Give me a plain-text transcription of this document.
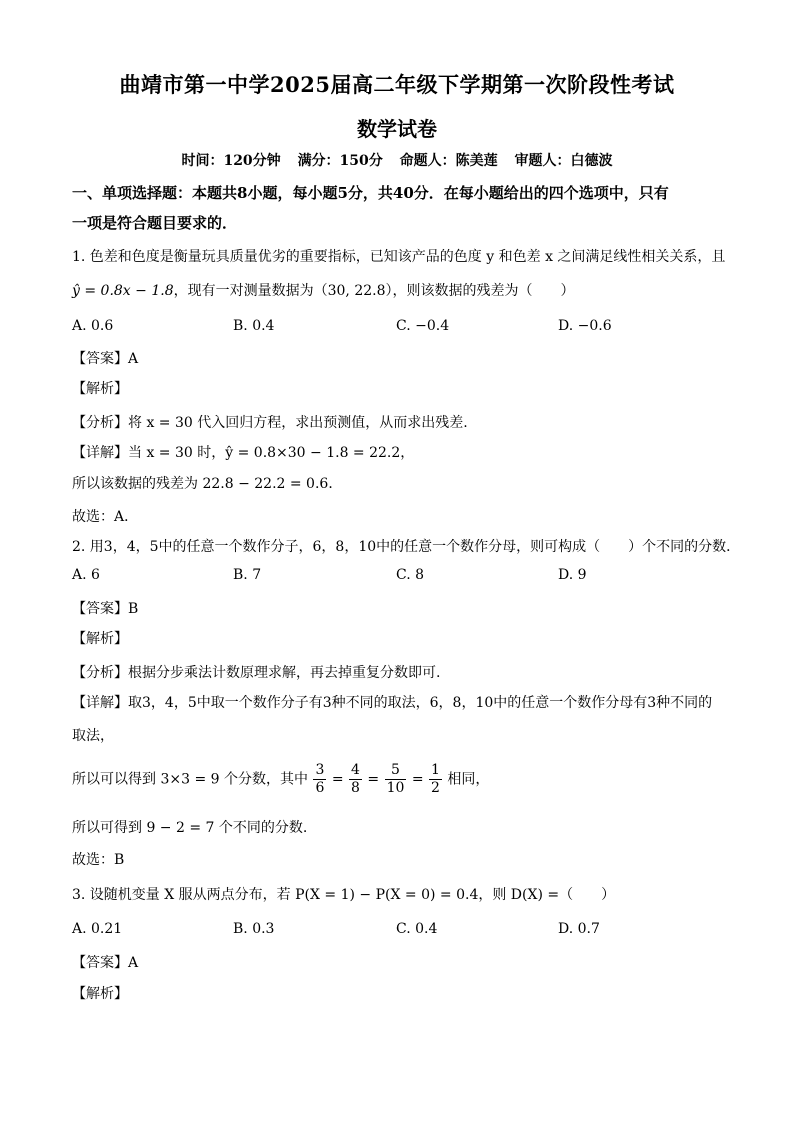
曲靖市第一中学2025届高二年级下学期第一次阶段性考试
数学试卷
时间：120分钟 满分：150分 命题人：陈美莲 审题人：白德波
一、单项选择题：本题共8小题，每小题5分，共40分．在每小题给出的四个选项中，只有
一项是符合题目要求的．
1. 色差和色度是衡量玩具质量优劣的重要指标，已知该产品的色度 y 和色差 x 之间满足线性相关关系，且
ŷ = 0.8x − 1.8，现有一对测量数据为（30, 22.8），则该数据的残差为（　　）
A. 0.6	B. 0.4	C. −0.4	D. −0.6
【答案】A
【解析】
【分析】将 x = 30 代入回归方程，求出预测值，从而求出残差.
【详解】当 x = 30 时，ŷ = 0.8×30 − 1.8 = 22.2，
所以该数据的残差为 22.8 − 22.2 = 0.6．
故选：A．
2. 用3，4，5中的任意一个数作分子，6，8，10中的任意一个数作分母，则可构成（　　）个不同的分数．
A. 6	B. 7	C. 8	D. 9
【答案】B
【解析】
【分析】根据分步乘法计数原理求解，再去掉重复分数即可.
【详解】取3，4，5中取一个数作分子有3种不同的取法，6，8，10中的任意一个数作分母有3种不同的
取法，
所以可以得到 3×3 = 9 个分数，其中 $\frac{3}{6} = \frac{4}{8} = \frac{5}{10} = \frac{1}{2}$ 相同，
所以可得到 9 − 2 = 7 个不同的分数.
故选：B
3. 设随机变量 X 服从两点分布，若 P(X = 1) − P(X = 0) = 0.4，则 D(X) =（　　）
A. 0.21	B. 0.3	C. 0.4	D. 0.7
【答案】A
【解析】
